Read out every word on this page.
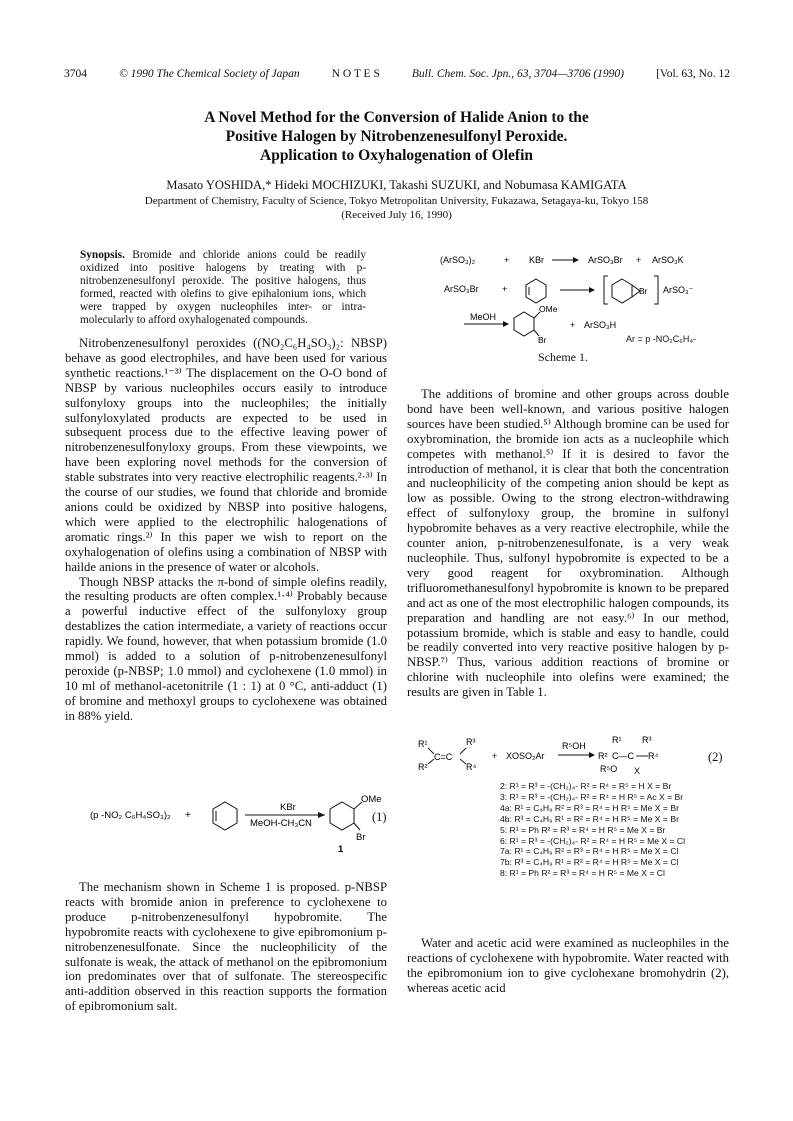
3704	© 1990 The Chemical Society of Japan	N O T E S	Bull. Chem. Soc. Jpn., 63, 3704—3706 (1990)	[Vol. 63, No. 12
A Novel Method for the Conversion of Halide Anion to the
Positive Halogen by Nitrobenzenesulfonyl Peroxide.
Application to Oxyhalogenation of Olefin
Masato YOSHIDA,* Hideki MOCHIZUKI, Takashi SUZUKI, and Nobumasa KAMIGATA
Department of Chemistry, Faculty of Science, Tokyo Metropolitan University, Fukazawa, Setagaya-ku, Tokyo 158
(Received July 16, 1990)
Synopsis. Bromide and chloride anions could be readily oxidized into positive halogens by treating with p-nitrobenzenesulfonyl peroxide. The positive halogens, thus formed, reacted with olefins to give epihalonium ions, which were trapped by oxygen nucleophiles inter- or intra-molecularly to afford oxyhalogenated compounds.

Nitrobenzenesulfonyl peroxides ((NO₂C₆H₄SO₃)₂: NBSP) behave as good electrophiles, and have been used for various synthetic reactions.¹⁻³⁾ The displacement on the O-O bond of NBSP by various nucleophiles occurs easily to introduce sulfonyloxy groups into the nucleophiles; the initially sulfonyloxylated products are expected to be used in subsequent process due to the effective leaving power of nitrobenzenesulfonyloxy groups. From these viewpoints, we have been exploring novel methods for the conversion of stable substrates into very reactive electrophilic reagents.²·³⁾ In the course of our studies, we found that chloride and bromide anions could be oxidized by NBSP into positive halogens, which were applied to the electrophilic halogenations of aromatic rings.²⁾ In this paper we wish to report on the oxyhalogenation of olefins using a combination of NBSP with hailde anions in the presence of water or alcohols.

Though NBSP attacks the π-bond of simple olefins readily, the resulting products are often complex.¹·⁴⁾ Probably because a powerful inductive effect of the sulfonyloxy group destablizes the cation intermediate, a variety of reactions occur rapidly. We found, however, that when potassium bromide (1.0 mmol) is added to a solution of p-nitrobenzenesulfonyl peroxide (p-NBSP; 1.0 mmol) and cyclohexene (1.0 mmol) in 10 ml of methanol-acetonitrile (1 : 1) at 0 °C, anti-adduct (1) of bromine and methoxyl groups to cyclohexene was obtained in 88% yield.

(p -NO₂ C₆H₄SO₃)₂ +
KBr
MeOH-CH₃CN
OMe
Br
1
(1)

The mechanism shown in Scheme 1 is proposed. p-NBSP reacts with bromide anion in preference to cyclohexene to produce p-nitrobenzenesulfonyl hypobromite. The hypobromite reacts with cyclohexene to give epibromonium p-nitrobenzenesulfonate. Since the nucleophilicity of the sulfonate is weak, the attack of methanol on the epibromonium ion predominates over that of sulfonate. The stereospecific anti-addition observed in this reaction supports the formation of epibromonium salt.

(ArSO₃)₂	+ KBr	ArSO₃Br + ArSO₃K
ArSO₃Br	+	Br ArSO₃⁻
MeOH
OMe
Br
+ ArSO₃H
Ar = p -NO₂C₆H₄-
Scheme 1.

The additions of bromine and other groups across double bond have been well-known, and various positive halogen sources have been studied.⁵⁾ Although bromine can be used for oxybromination, the bromide ion acts as a nucleophile which competes with methanol.⁵⁾ If it is desired to favor the introduction of methanol, it is clear that both the concentration and nucleophilicity of the competing anion should be kept as low as possible. Owing to the strong electron-withdrawing effect of sulfonyloxy group, the bromine in sulfonyl hypobromite behaves as a very reactive electrophile, while the counter anion, p-nitrobenzenesulfonate, is a very weak nucleophile. Thus, sulfonyl hypobromite is expected to be a very good reagent for oxybromination. Although trifluoromethanesulfonyl hypobromite is known to be prepared and act as one of the most electrophilic halogen compounds, its preparation and handling are not easy.⁶⁾ In our method, potassium bromide, which is stable and easy to handle, could be readily converted into very reactive positive halogen by p-NBSP.⁷⁾ Thus, various addition reactions of bromine or chlorine with nucleophile into olefins were examined; the results are given in Table 1.

R¹
R²
C=C
R³
R⁴
+ XOSO₂Ar
R⁵OH
R¹
R² C—C
R³
R⁴
R⁵O X
(2)
2: R¹ = R³ = -(CH₂)₄- R² = R⁴ = R⁵ = H X = Br
3: R¹ = R³ = -(CH₂)₄- R² = R⁴ = H R⁵ = Ac X = Br
4a: R¹ = C₄H₉ R² = R³ = R⁴ = H R⁵ = Me X = Br
4b: R³ = C₄H₉ R¹ = R² = R⁴ = H R⁵ = Me X = Br
5: R¹ = Ph R² = R³ = R⁴ = H R⁵ = Me X = Br
6: R¹ = R³ = -(CH₂)₄- R² = R⁴ = H R⁵ = Me X = Cl
7a: R¹ = C₄H₉ R² = R³ = R⁴ = H R⁵ = Me X = Cl
7b: R³ = C₄H₉ R¹ = R² = R⁴ = H R⁵ = Me X = Cl
8: R¹ = Ph R² = R³ = R⁴ = H R⁵ = Me X = Cl

Water and acetic acid were examined as nucleophiles in the reactions of cyclohexene with hypobromite. Water reacted with the epibromonium ion to give cyclohexane bromohydrin (2), whereas acetic acid
